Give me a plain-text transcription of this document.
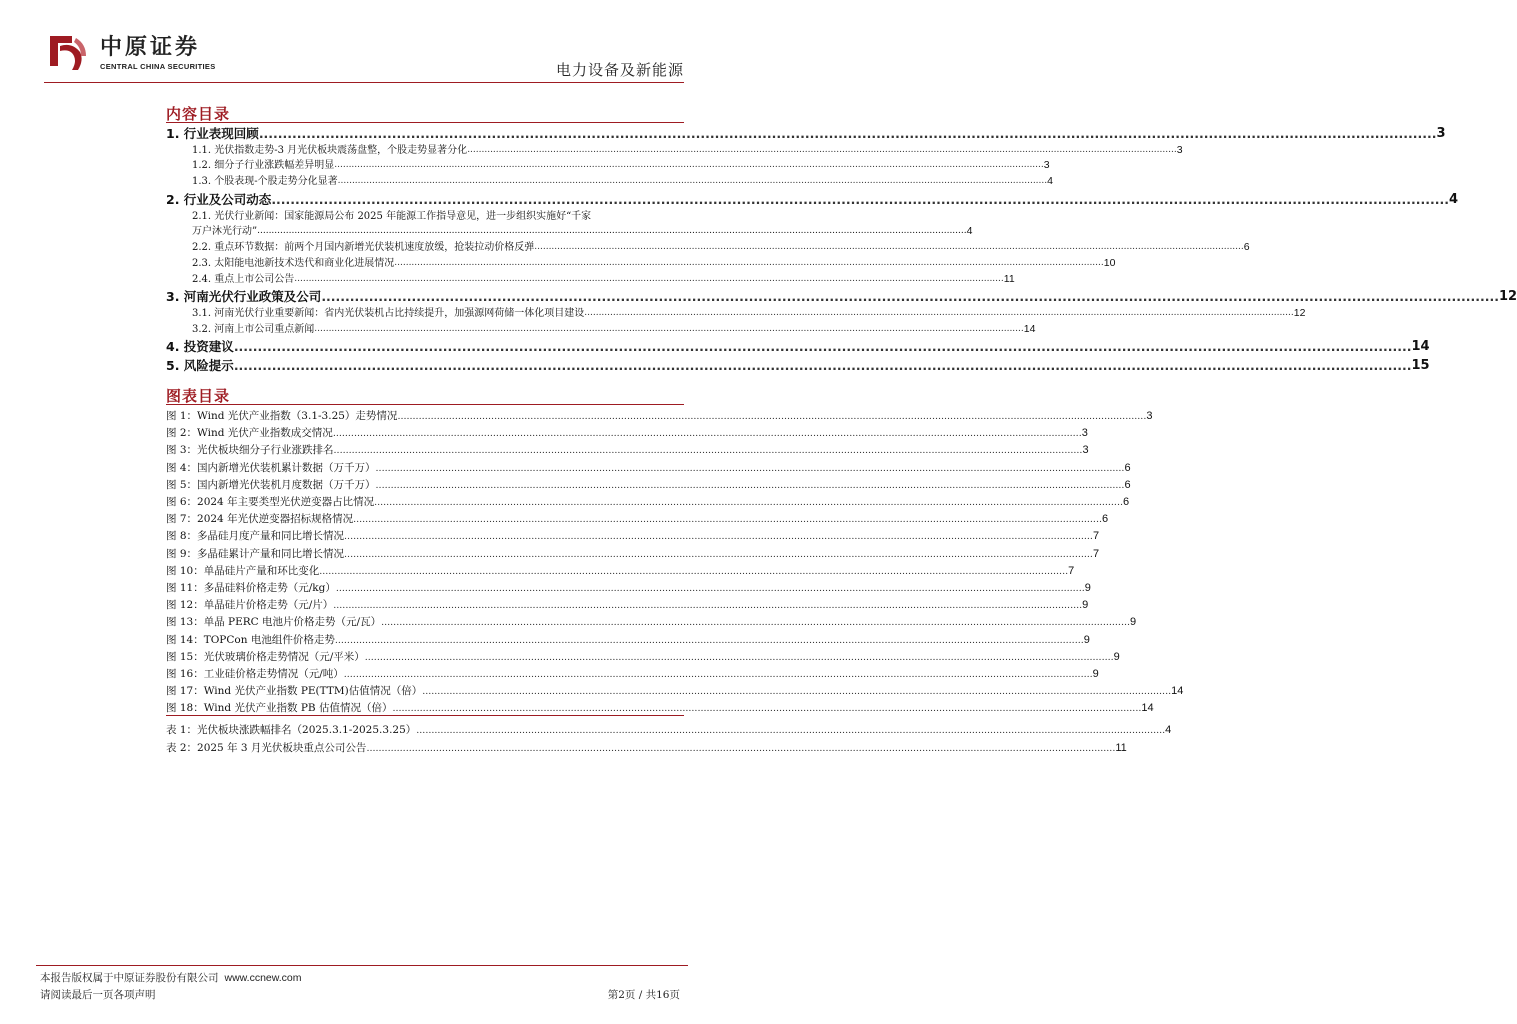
中原证券
CENTRAL CHINA SECURITIES	电力设备及新能源
内容目录
1. 行业表现回顾 .....	3
1.1. 光伏指数走势-3 月光伏板块震荡盘整，个股走势显著分化 .....	3
1.2. 细分子行业涨跌幅差异明显 .....	3
1.3. 个股表现-个股走势分化显著 .....	4
2. 行业及公司动态 .....	4
2.1. 光伏行业新闻：国家能源局公布 2025 年能源工作指导意见，进一步组织实施好“千家
万户沐光行动” .....	4
2.2. 重点环节数据：前两个月国内新增光伏装机速度放缓，抢装拉动价格反弹 .....	6
2.3. 太阳能电池新技术迭代和商业化进展情况 .....	10
2.4. 重点上市公司公告 .....	11
3. 河南光伏行业政策及公司 .....	12
3.1. 河南光伏行业重要新闻：省内光伏装机占比持续提升，加强源网荷储一体化项目建设 .....	12
3.2. 河南上市公司重点新闻 .....	14
4. 投资建议 .....	14
5. 风险提示 .....	15
图表目录
图 1：Wind 光伏产业指数（3.1-3.25）走势情况 .....	3
图 2：Wind 光伏产业指数成交情况 .....	3
图 3：光伏板块细分子行业涨跌排名 .....	3
图 4：国内新增光伏装机累计数据（万千万） .....	6
图 5：国内新增光伏装机月度数据（万千万） .....	6
图 6：2024 年主要类型光伏逆变器占比情况 .....	6
图 7：2024 年光伏逆变器招标规格情况 .....	6
图 8：多晶硅月度产量和同比增长情况 .....	7
图 9：多晶硅累计产量和同比增长情况 .....	7
图 10：单晶硅片产量和环比变化 .....	7
图 11：多晶硅料价格走势（元/kg） .....	9
图 12：单晶硅片价格走势（元/片） .....	9
图 13：单晶 PERC 电池片价格走势（元/瓦） .....	9
图 14：TOPCon 电池组件价格走势 .....	9
图 15：光伏玻璃价格走势情况（元/平米） .....	9
图 16：工业硅价格走势情况（元/吨） .....	9
图 17：Wind 光伏产业指数 PE(TTM)估值情况（倍） .....	14
图 18：Wind 光伏产业指数 PB 估值情况（倍） .....	14
表 1：光伏板块涨跌幅排名（2025.3.1-2025.3.25） .....	4
表 2：2025 年 3 月光伏板块重点公司公告 .....	11
本报告版权属于中原证券股份有限公司 www.ccnew.com
请阅读最后一页各项声明	第2页 / 共16页
